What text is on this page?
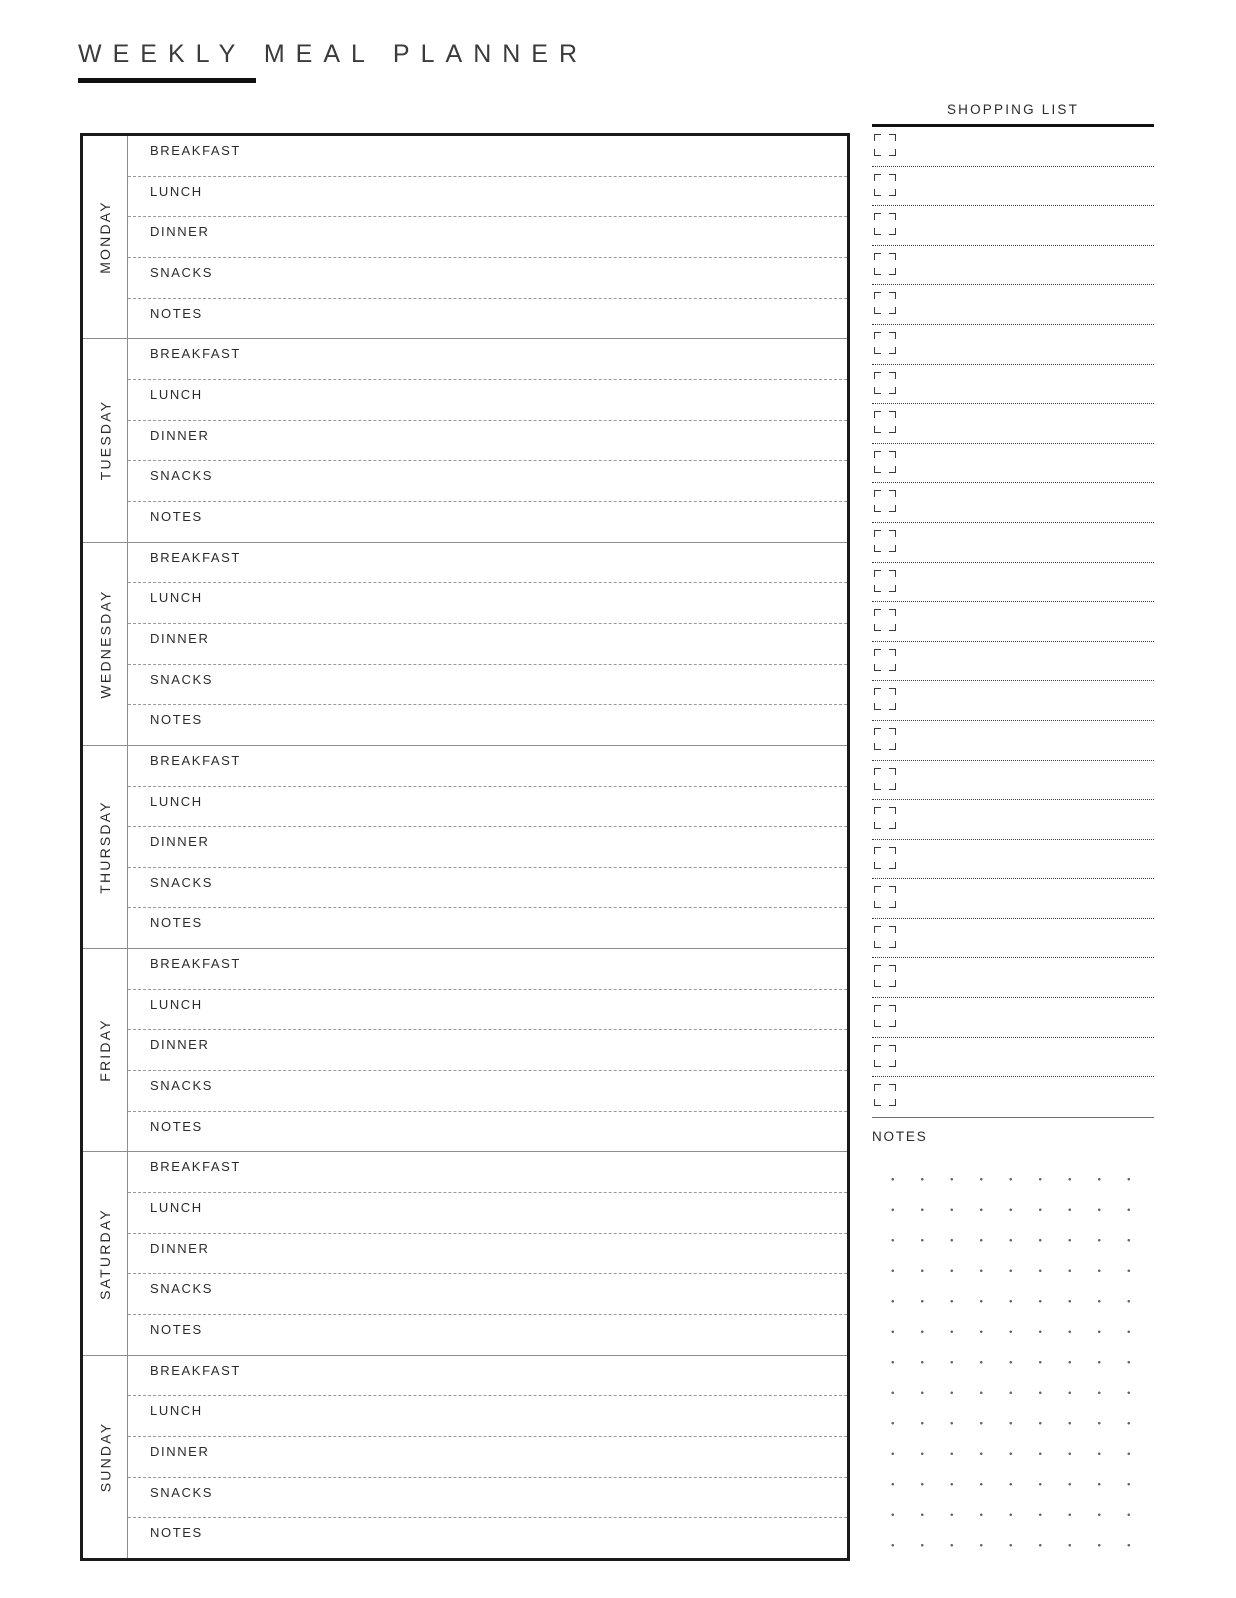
WEEKLY MEAL PLANNER
MONDAY
BREAKFAST
LUNCH
DINNER
SNACKS
NOTES
TUESDAY
BREAKFAST
LUNCH
DINNER
SNACKS
NOTES
WEDNESDAY
BREAKFAST
LUNCH
DINNER
SNACKS
NOTES
THURSDAY
BREAKFAST
LUNCH
DINNER
SNACKS
NOTES
FRIDAY
BREAKFAST
LUNCH
DINNER
SNACKS
NOTES
SATURDAY
BREAKFAST
LUNCH
DINNER
SNACKS
NOTES
SUNDAY
BREAKFAST
LUNCH
DINNER
SNACKS
NOTES
SHOPPING LIST
NOTES
